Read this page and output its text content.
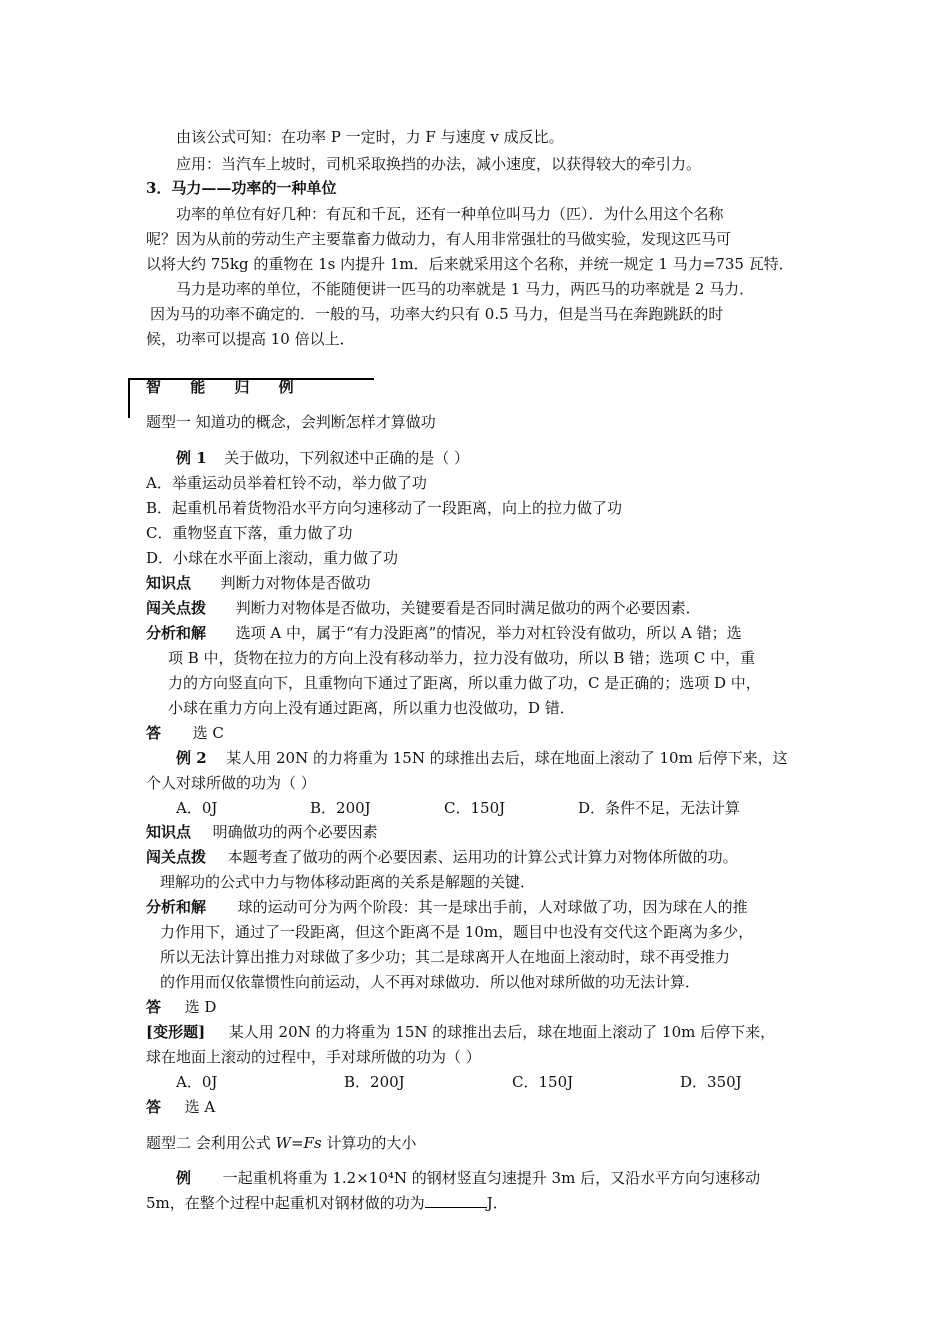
由该公式可知：在功率 P 一定时，力 F 与速度 v 成反比。
应用：当汽车上坡时，司机采取换挡的办法，减小速度，以获得较大的牵引力。
3．马力——功率的一种单位
功率的单位有好几种：有瓦和千瓦，还有一种单位叫马力（匹）．为什么用这个名称
呢？因为从前的劳动生产主要靠畜力做动力，有人用非常强壮的马做实验，发现这匹马可
以将大约 75kg 的重物在 1s 内提升 1m．后来就采用这个名称，并统一规定 1 马力=735 瓦特．
马力是功率的单位，不能随便讲一匹马的功率就是 1 马力，两匹马的功率就是 2 马力．
因为马的功率不确定的．一般的马，功率大约只有 0.5 马力，但是当马在奔跑跳跃的时
候，功率可以提高 10 倍以上．
智 能 归 例
题型一 知道功的概念，会判断怎样才算做功
例 1 关于做功，下列叙述中正确的是（ ）
A．举重运动员举着杠铃不动，举力做了功
B．起重机吊着货物沿水平方向匀速移动了一段距离，向上的拉力做了功
C．重物竖直下落，重力做了功
D．小球在水平面上滚动，重力做了功
知识点 判断力对物体是否做功
闯关点拨 判断力对物体是否做功，关键要看是否同时满足做功的两个必要因素．
分析和解 选项 A 中，属于“有力没距离”的情况，举力对杠铃没有做功，所以 A 错；选
项 B 中，货物在拉力的方向上没有移动举力，拉力没有做功，所以 B 错；选项 C 中，重
力的方向竖直向下，且重物向下通过了距离，所以重力做了功，C 是正确的；选项 D 中，
小球在重力方向上没有通过距离，所以重力也没做功，D 错．
答 选 C
例 2 某人用 20N 的力将重为 15N 的球推出去后，球在地面上滚动了 10m 后停下来，这
个人对球所做的功为（ ）
A．0J	B．200J	C．150J	D．条件不足，无法计算
知识点 明确做功的两个必要因素
闯关点拨 本题考查了做功的两个必要因素、运用功的计算公式计算力对物体所做的功。
理解功的公式中力与物体移动距离的关系是解题的关键．
分析和解 球的运动可分为两个阶段：其一是球出手前，人对球做了功，因为球在人的推
力作用下，通过了一段距离，但这个距离不是 10m，题目中也没有交代这个距离为多少，
所以无法计算出推力对球做了多少功；其二是球离开人在地面上滚动时，球不再受推力
的作用而仅依靠惯性向前运动，人不再对球做功．所以他对球所做的功无法计算．
答 选 D
[变形题] 某人用 20N 的力将重为 15N 的球推出去后，球在地面上滚动了 10m 后停下来，
球在地面上滚动的过程中，手对球所做的功为（ ）
A．0J	B．200J	C．150J	D．350J
答 选 A
题型二 会利用公式 W=Fs 计算功的大小
例 一起重机将重为 1.2×10⁴N 的钢材竖直匀速提升 3m 后，又沿水平方向匀速移动
5m，在整个过程中起重机对钢材做的功为	J．
